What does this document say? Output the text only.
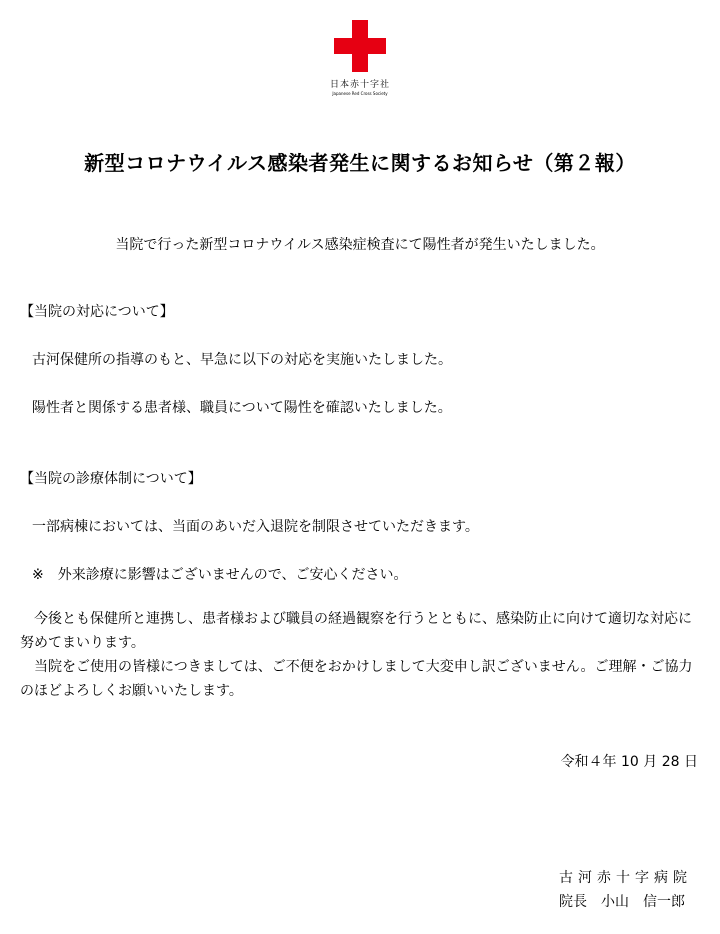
日本赤十字社
Japanese Red Cross Society
新型コロナウイルス感染者発生に関するお知らせ（第２報）
当院で行った新型コロナウイルス感染症検査にて陽性者が発生いたしました。
【当院の対応について】
古河保健所の指導のもと、早急に以下の対応を実施いたしました。
陽性者と関係する患者様、職員について陽性を確認いたしました。
【当院の診療体制について】
一部病棟においては、当面のあいだ入退院を制限させていただきます。
※　外来診療に影響はございませんので、ご安心ください。
　今後とも保健所と連携し、患者様および職員の経過観察を行うとともに、感染防止に向けて適切な対応に努めてまいります。
　当院をご使用の皆様につきましては、ご不便をおかけしまして大変申し訳ございません。ご理解・ご協力のほどよろしくお願いいたします。
令和４年 10 月 28 日
古河赤十字病院
院長　小山　信一郎
